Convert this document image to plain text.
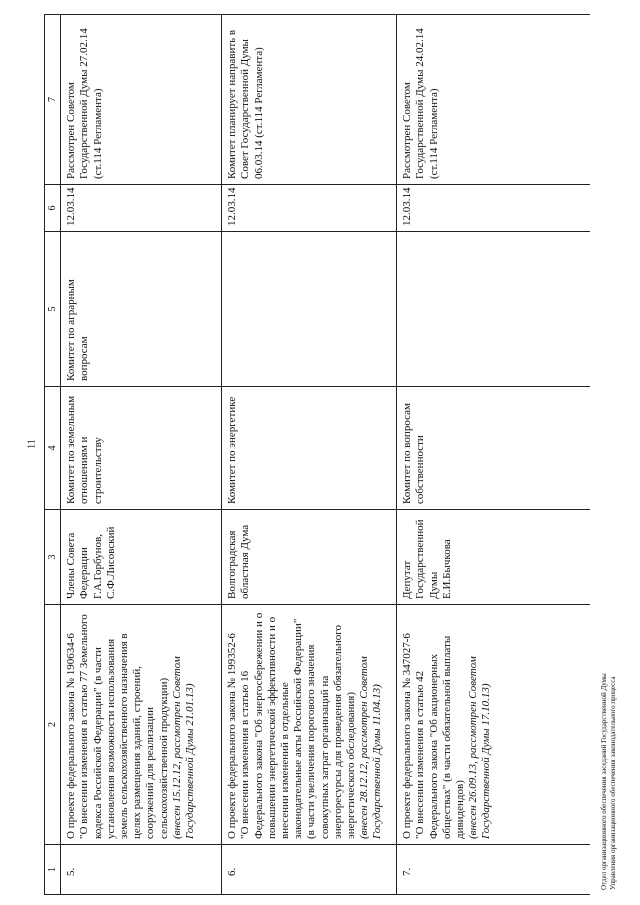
11
1	2	3	4	5	6	7
5.	О проекте федерального закона № 190634-6 "О внесении изменения в статью 77 Земельного кодекса Российской Федерации" (в части установления возможности использования земель сельскохозяйственного назначения в целях размещения зданий, строений, сооружений для реализации сельскохозяйственной продукции) (внесен 15.12.12, рассмотрен Советом Государственной Думы 21.01.13)	Члены Совета Федерации Г.А.Горбунов, С.Ф.Лисовский	Комитет по земельным отношениям и строительству	Комитет по аграрным вопросам	12.03.14	Рассмотрен Советом Государственной Думы 27.02.14 (ст.114 Регламента)
6.	О проекте федерального закона № 199352-6 "О внесении изменения в статью 16 Федерального закона "Об энергосбережении и о повышении энергетической эффективности и о внесении изменений в отдельные законодательные акты Российской Федерации" (в части увеличения порогового значения совокупных затрат организаций на энергоресурсы для проведения обязательного энергетического обследования) (внесен 28.12.12, рассмотрен Советом Государственной Думы 11.04.13)	Волгоградская областная Дума	Комитет по энергетике		12.03.14	Комитет планирует направить в Совет Государственной Думы 06.03.14 (ст.114 Регламента)
7.	О проекте федерального закона № 347027-6 "О внесении изменения в статью 42 Федерального закона "Об акционерных обществах" (в части обязательной выплаты дивидендов) (внесен 26.09.13, рассмотрен Советом Государственной Думы 17.10.13)	Депутат Государственной Думы Е.И.Бычкова	Комитет по вопросам собственности		12.03.14	Рассмотрен Советом Государственной Думы 24.02.14 (ст.114 Регламента)
Отдел организационного обеспечения заседаний Государственной Думы Управления организационного обеспечения законодательного процесса
